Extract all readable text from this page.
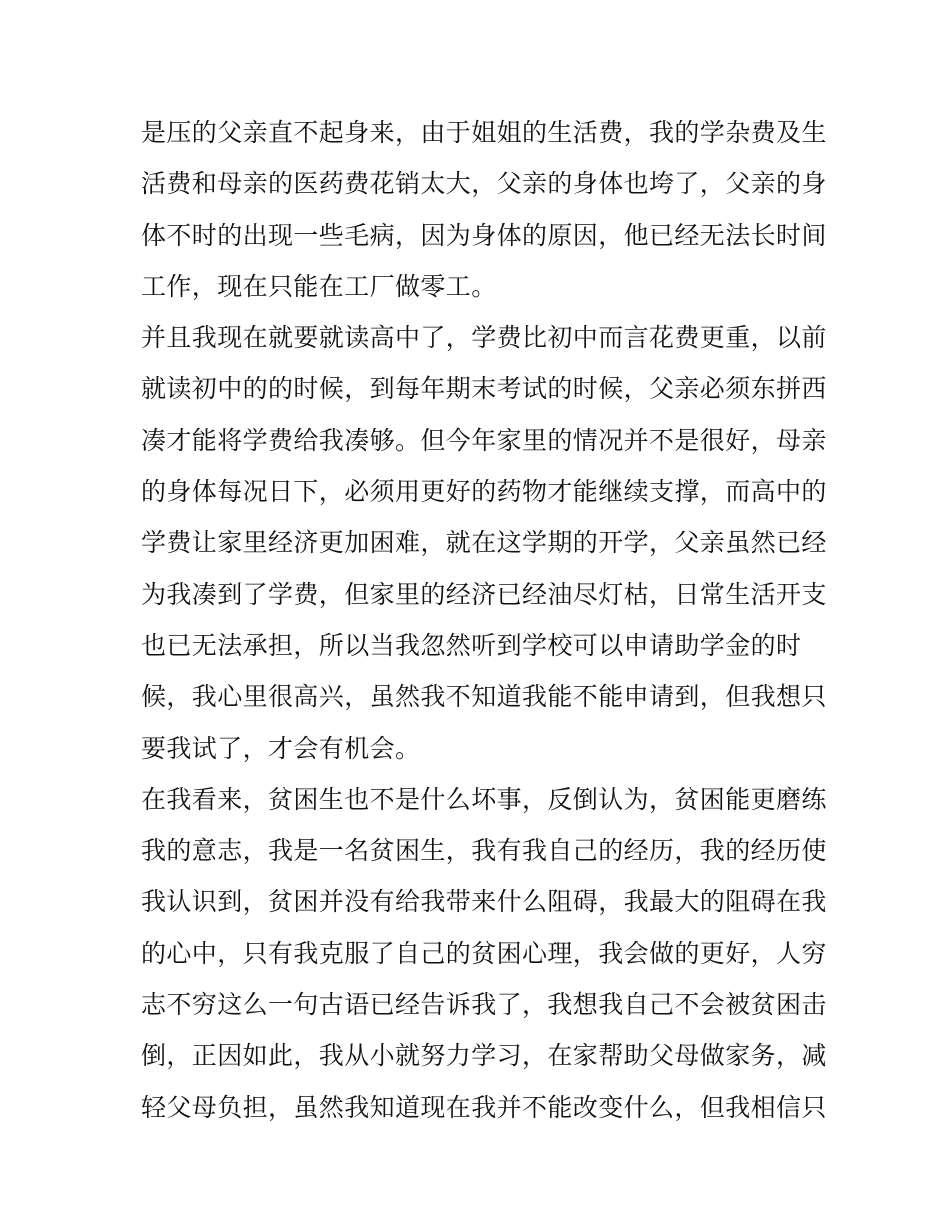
是压的父亲直不起身来，由于姐姐的生活费，我的学杂费及生
活费和母亲的医药费花销太大，父亲的身体也垮了，父亲的身
体不时的出现一些毛病，因为身体的原因，他已经无法长时间
工作，现在只能在工厂做零工。
并且我现在就要就读高中了，学费比初中而言花费更重，以前
就读初中的的时候，到每年期末考试的时候，父亲必须东拼西
凑才能将学费给我凑够。但今年家里的情况并不是很好，母亲
的身体每况日下，必须用更好的药物才能继续支撑，而高中的
学费让家里经济更加困难，就在这学期的开学，父亲虽然已经
为我凑到了学费，但家里的经济已经油尽灯枯，日常生活开支
也已无法承担，所以当我忽然听到学校可以申请助学金的时
候，我心里很高兴，虽然我不知道我能不能申请到，但我想只
要我试了，才会有机会。
在我看来，贫困生也不是什么坏事，反倒认为，贫困能更磨练
我的意志，我是一名贫困生，我有我自己的经历，我的经历使
我认识到，贫困并没有给我带来什么阻碍，我最大的阻碍在我
的心中，只有我克服了自己的贫困心理，我会做的更好，人穷
志不穷这么一句古语已经告诉我了，我想我自己不会被贫困击
倒，正因如此，我从小就努力学习，在家帮助父母做家务，减
轻父母负担，虽然我知道现在我并不能改变什么，但我相信只
